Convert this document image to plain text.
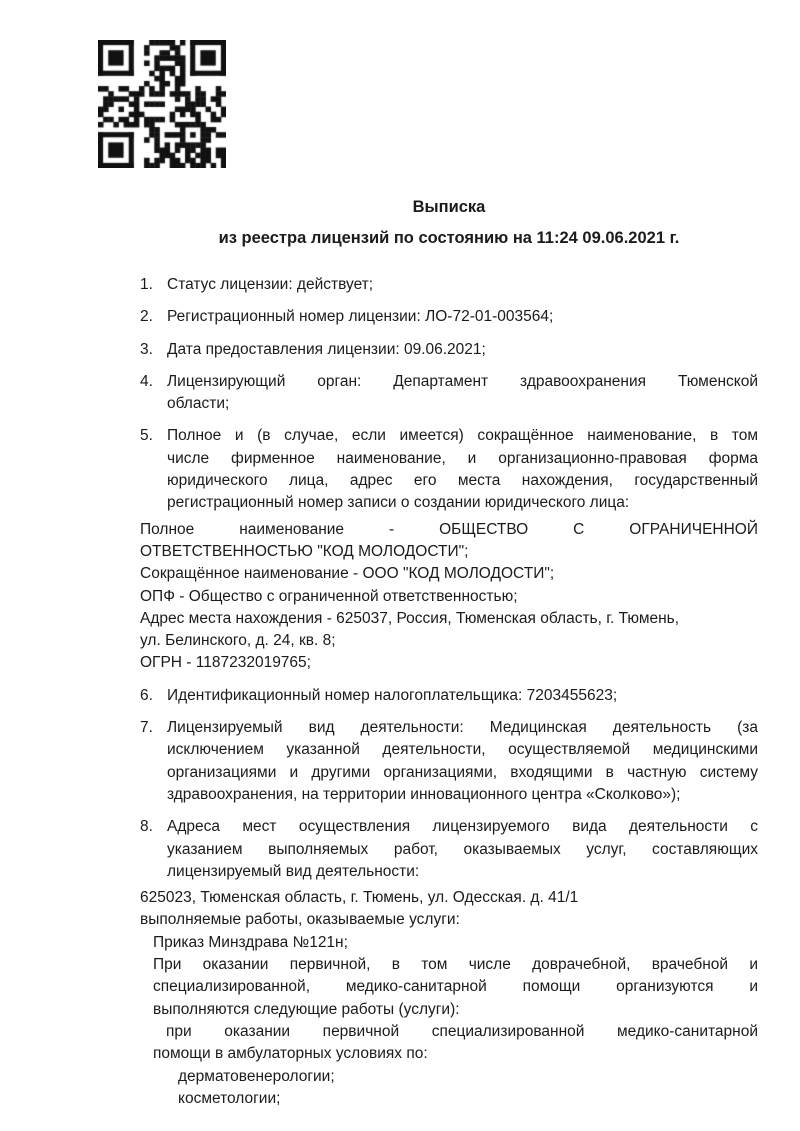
Выписка
из реестра лицензий по состоянию на 11:24 09.06.2021 г.
1. Статус лицензии: действует;
2. Регистрационный номер лицензии: ЛО-72-01-003564;
3. Дата предоставления лицензии: 09.06.2021;
4. Лицензирующий орган: Департамент здравоохранения Тюменской
области;
5. Полное и (в случае, если имеется) сокращённое наименование, в том
числе фирменное наименование, и организационно-правовая форма
юридического лица, адрес его места нахождения, государственный
регистрационный номер записи о создании юридического лица:
Полное наименование - ОБЩЕСТВО С ОГРАНИЧЕННОЙ
ОТВЕТСТВЕННОСТЬЮ "КОД МОЛОДОСТИ";
Сокращённое наименование - ООО "КОД МОЛОДОСТИ";
ОПФ - Общество с ограниченной ответственностью;
Адрес места нахождения - 625037, Россия, Тюменская область, г. Тюмень,
ул. Белинского, д. 24, кв. 8;
ОГРН - 1187232019765;
6. Идентификационный номер налогоплательщика: 7203455623;
7. Лицензируемый вид деятельности: Медицинская деятельность (за
исключением указанной деятельности, осуществляемой медицинскими
организациями и другими организациями, входящими в частную систему
здравоохранения, на территории инновационного центра «Сколково»);
8. Адреса мест осуществления лицензируемого вида деятельности с
указанием выполняемых работ, оказываемых услуг, составляющих
лицензируемый вид деятельности:
625023, Тюменская область, г. Тюмень, ул. Одесская. д. 41/1
выполняемые работы, оказываемые услуги:
Приказ Минздрава №121н;
При оказании первичной, в том числе доврачебной, врачебной и
специализированной, медико-санитарной помощи организуются и
выполняются следующие работы (услуги):
при оказании первичной специализированной медико-санитарной
помощи в амбулаторных условиях по:
дерматовенерологии;
косметологии;
